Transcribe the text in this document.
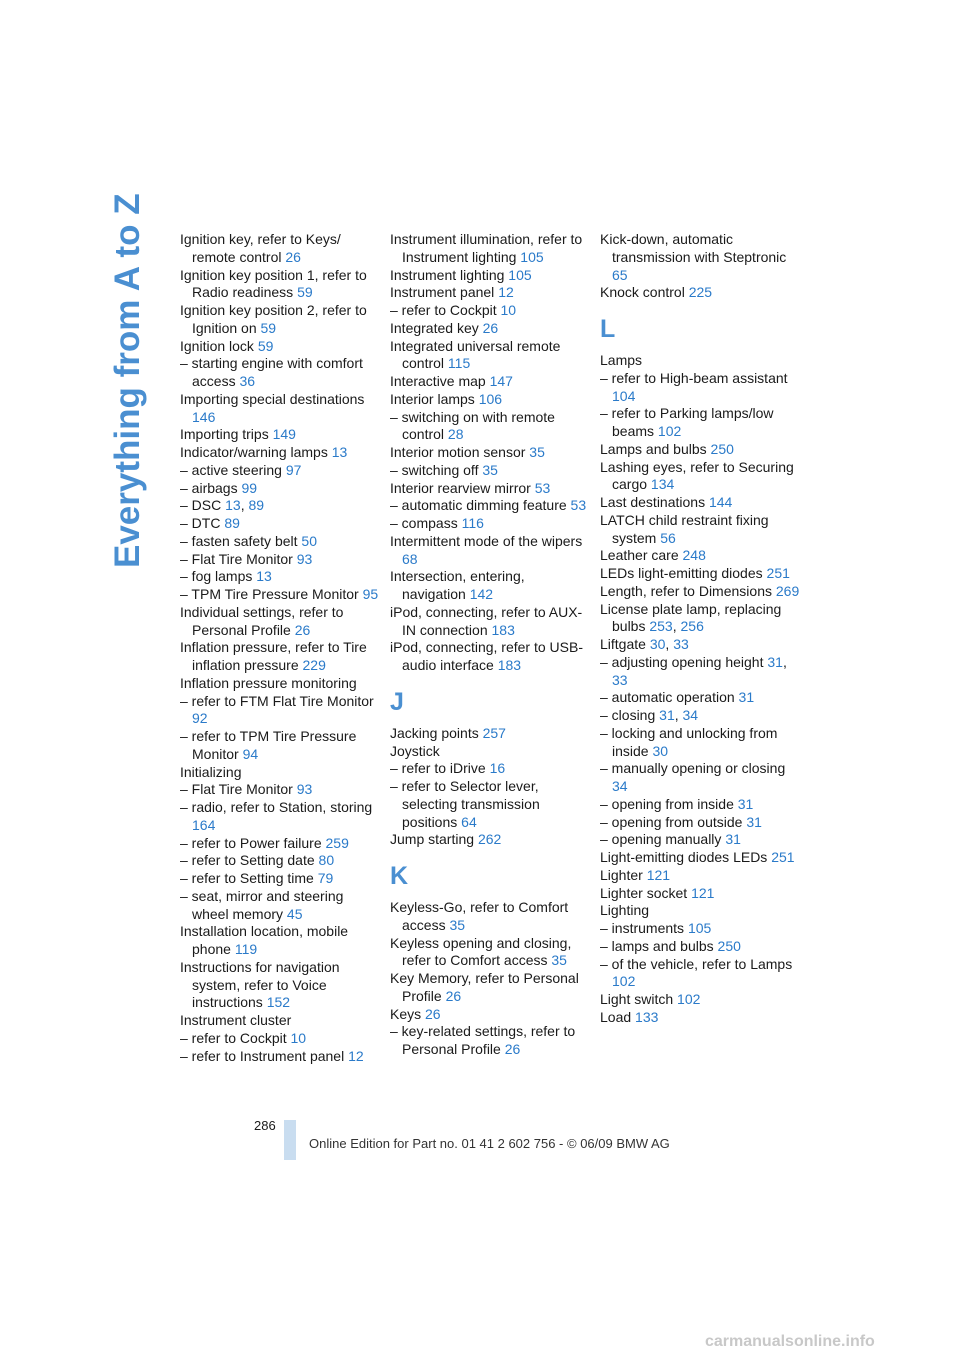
Everything from A to Z	Ignition key, refer to Keys/ remote control 26
Ignition key position 1, refer to Radio readiness 59
Ignition key position 2, refer to Ignition on 59
Ignition lock 59
– starting engine with comfort access 36
Importing special destinations 146
Importing trips 149
Indicator/warning lamps 13
– active steering 97
– airbags 99
– DSC 13, 89
– DTC 89
– fasten safety belt 50
– Flat Tire Monitor 93
– fog lamps 13
– TPM Tire Pressure Monitor 95
Individual settings, refer to Personal Profile 26
Inflation pressure, refer to Tire inflation pressure 229
Inflation pressure monitoring
– refer to FTM Flat Tire Monitor 92
– refer to TPM Tire Pressure Monitor 94
Initializing
– Flat Tire Monitor 93
– radio, refer to Station, storing 164
– refer to Power failure 259
– refer to Setting date 80
– refer to Setting time 79
– seat, mirror and steering wheel memory 45
Installation location, mobile phone 119
Instructions for navigation system, refer to Voice instructions 152
Instrument cluster
– refer to Cockpit 10
– refer to Instrument panel 12
Instrument illumination, refer to Instrument lighting 105
Instrument lighting 105
Instrument panel 12
– refer to Cockpit 10
Integrated key 26
Integrated universal remote control 115
Interactive map 147
Interior lamps 106
– switching on with remote control 28
Interior motion sensor 35
– switching off 35
Interior rearview mirror 53
– automatic dimming feature 53
– compass 116
Intermittent mode of the wipers 68
Intersection, entering, navigation 142
iPod, connecting, refer to AUX-IN connection 183
iPod, connecting, refer to USB-audio interface 183
J
Jacking points 257
Joystick
– refer to iDrive 16
– refer to Selector lever, selecting transmission positions 64
Jump starting 262
K
Keyless-Go, refer to Comfort access 35
Keyless opening and closing, refer to Comfort access 35
Key Memory, refer to Personal Profile 26
Keys 26
– key-related settings, refer to Personal Profile 26
Kick-down, automatic transmission with Steptronic 65
Knock control 225
L
Lamps
– refer to High-beam assistant 104
– refer to Parking lamps/low beams 102
Lamps and bulbs 250
Lashing eyes, refer to Securing cargo 134
Last destinations 144
LATCH child restraint fixing system 56
Leather care 248
LEDs light-emitting diodes 251
Length, refer to Dimensions 269
License plate lamp, replacing bulbs 253, 256
Liftgate 30, 33
– adjusting opening height 31, 33
– automatic operation 31
– closing 31, 34
– locking and unlocking from inside 30
– manually opening or closing 34
– opening from inside 31
– opening from outside 31
– opening manually 31
Light-emitting diodes LEDs 251
Lighter 121
Lighter socket 121
Lighting
– instruments 105
– lamps and bulbs 250
– of the vehicle, refer to Lamps 102
Light switch 102
Load 133
286
Online Edition for Part no. 01 41 2 602 756 - © 06/09 BMW AG
carmanualsonline.info
